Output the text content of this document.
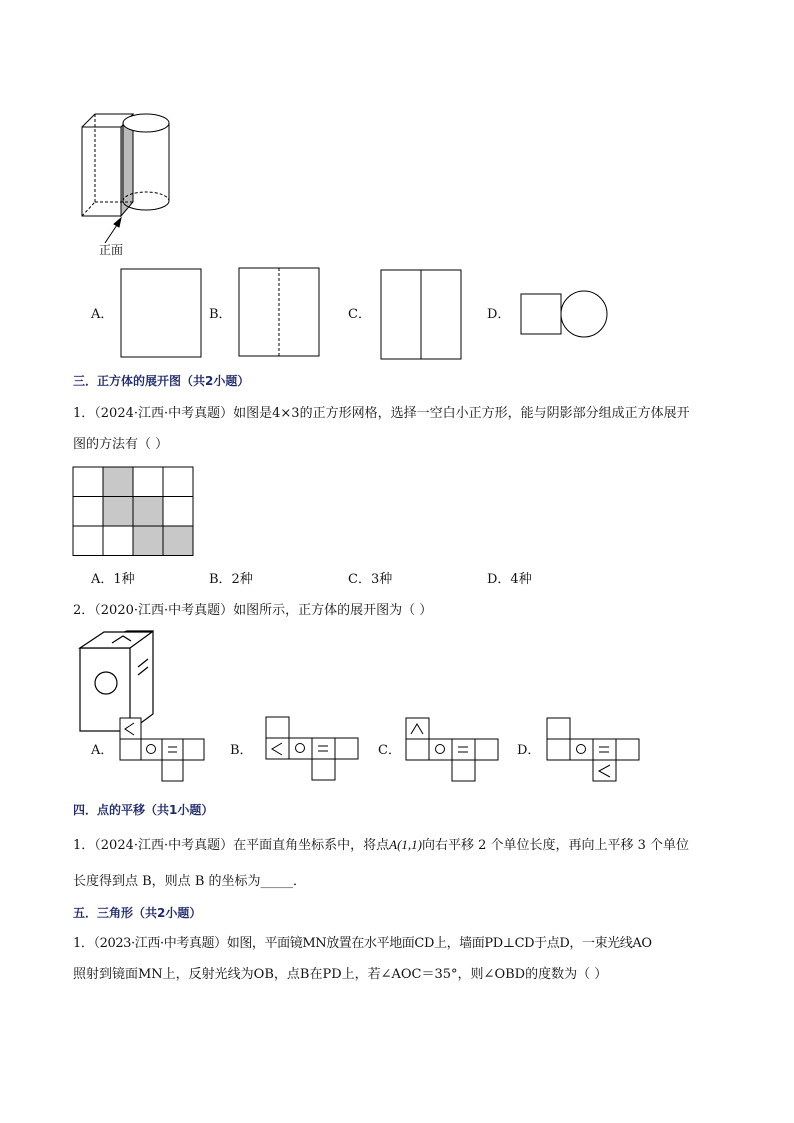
正面
A．	B．	C．	D．
三．正方体的展开图（共2小题）
1．（2024·江西·中考真题）如图是4×3的正方形网格，选择一空白小正方形，能与阴影部分组成正方体展开
图的方法有（ ）
A．1种	B．2种	C．3种	D．4种
2．（2020·江西·中考真题）如图所示，正方体的展开图为（ ）
A．	B．	C．	D．
四．点的平移（共1小题）
1．（2024·江西·中考真题）在平面直角坐标系中，将点A(1,1)向右平移 2 个单位长度，再向上平移 3 个单位
长度得到点 B，则点 B 的坐标为_____．
五．三角形（共2小题）
1．（2023·江西·中考真题）如图，平面镜MN放置在水平地面CD上，墙面PD⊥CD于点D，一束光线AO
照射到镜面MN上，反射光线为OB，点B在PD上，若∠AOC＝35°，则∠OBD的度数为（ ）
